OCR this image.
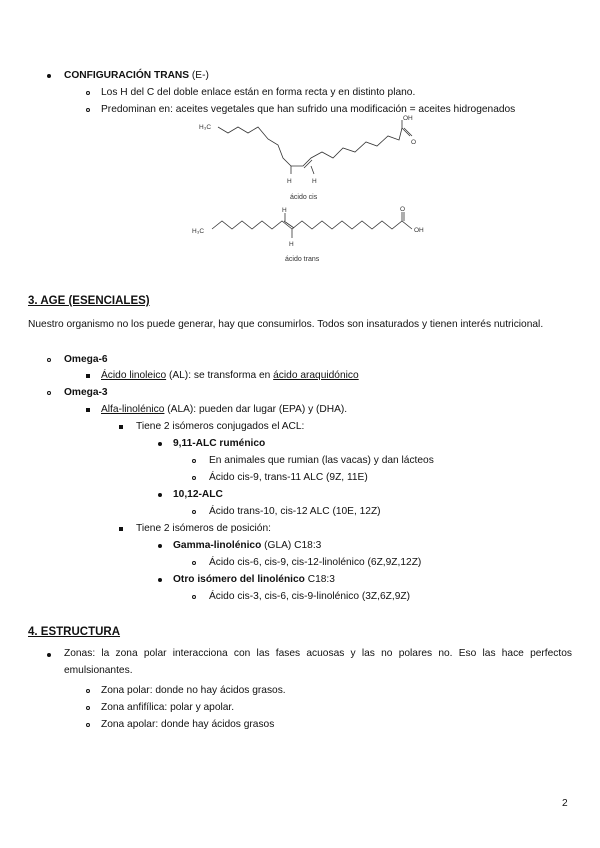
CONFIGURACIÓN TRANS (E-)
Los H del C del doble enlace están en forma recta y en distinto plano.
Predominan en: aceites vegetales que han sufrido una modificación = aceites hidrogenados
H₃C
OH
O
H	H
ácido cis
H₃C
O
OH
H
H
ácido trans
3. AGE (ESENCIALES)
Nuestro organismo no los puede generar, hay que consumirlos. Todos son insaturados y tienen interés nutricional.
Omega-6
Ácido linoleico (AL): se transforma en ácido araquidónico
Omega-3
Alfa-linolénico (ALA): pueden dar lugar (EPA) y (DHA).
Tiene 2 isómeros conjugados el ACL:
9,11-ALC ruménico
En animales que rumian (las vacas) y dan lácteos
Ácido cis-9, trans-11 ALC (9Z, 11E)
10,12-ALC
Ácido trans-10, cis-12 ALC (10E, 12Z)
Tiene 2 isómeros de posición:
Gamma-linolénico (GLA) C18:3
Ácido cis-6, cis-9, cis-12-linolénico (6Z,9Z,12Z)
Otro isómero del linolénico C18:3
Ácido cis-3, cis-6, cis-9-linolénico (3Z,6Z,9Z)
4. ESTRUCTURA
Zonas: la zona polar interacciona con las fases acuosas y las no polares no. Eso las hace perfectos emulsionantes.
Zona polar: donde no hay ácidos grasos.
Zona anfifílica: polar y apolar.
Zona apolar: donde hay ácidos grasos
2
